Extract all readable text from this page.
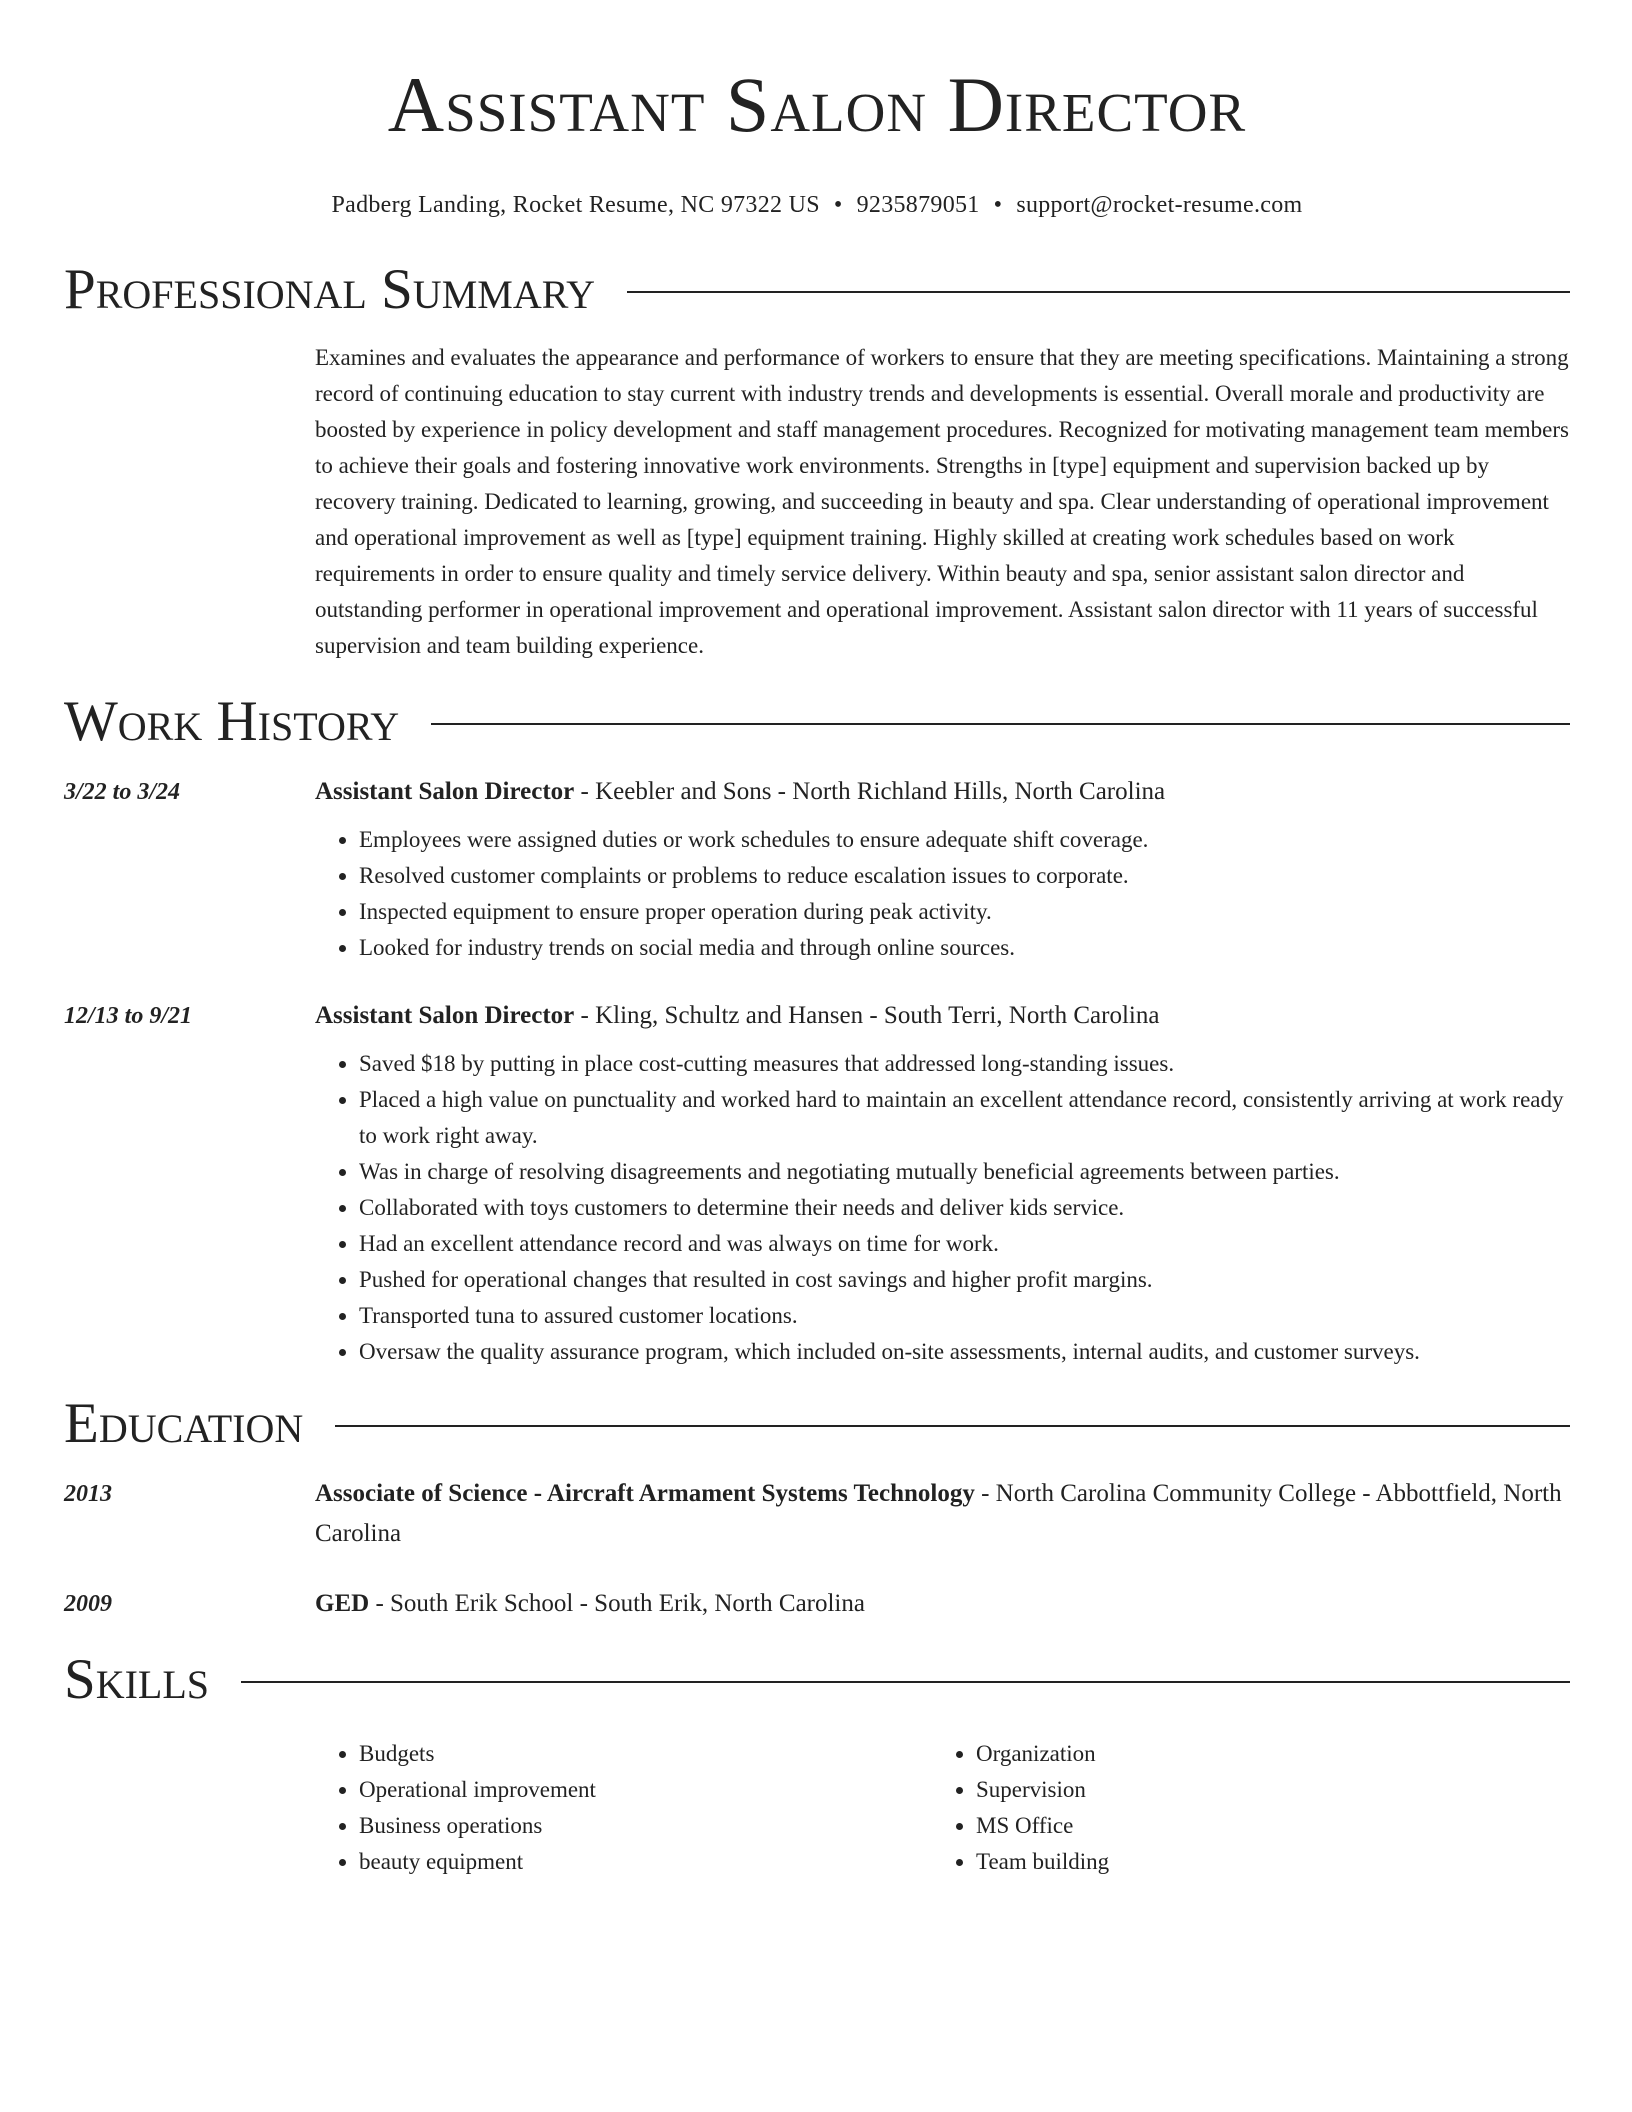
Assistant Salon Director
Padberg Landing, Rocket Resume, NC 97322 US • 9235879051 • support@rocket-resume.com
Professional Summary
Examines and evaluates the appearance and performance of workers to ensure that they are meeting specifications. Maintaining a strong record of continuing education to stay current with industry trends and developments is essential. Overall morale and productivity are boosted by experience in policy development and staff management procedures. Recognized for motivating management team members to achieve their goals and fostering innovative work environments. Strengths in [type] equipment and supervision backed up by recovery training. Dedicated to learning, growing, and succeeding in beauty and spa. Clear understanding of operational improvement and operational improvement as well as [type] equipment training. Highly skilled at creating work schedules based on work requirements in order to ensure quality and timely service delivery. Within beauty and spa, senior assistant salon director and outstanding performer in operational improvement and operational improvement. Assistant salon director with 11 years of successful supervision and team building experience.
Work History
3/22 to 3/24	Assistant Salon Director - Keebler and Sons - North Richland Hills, North Carolina
• Employees were assigned duties or work schedules to ensure adequate shift coverage.
• Resolved customer complaints or problems to reduce escalation issues to corporate.
• Inspected equipment to ensure proper operation during peak activity.
• Looked for industry trends on social media and through online sources.
12/13 to 9/21	Assistant Salon Director - Kling, Schultz and Hansen - South Terri, North Carolina
• Saved $18 by putting in place cost-cutting measures that addressed long-standing issues.
• Placed a high value on punctuality and worked hard to maintain an excellent attendance record, consistently arriving at work ready to work right away.
• Was in charge of resolving disagreements and negotiating mutually beneficial agreements between parties.
• Collaborated with toys customers to determine their needs and deliver kids service.
• Had an excellent attendance record and was always on time for work.
• Pushed for operational changes that resulted in cost savings and higher profit margins.
• Transported tuna to assured customer locations.
• Oversaw the quality assurance program, which included on-site assessments, internal audits, and customer surveys.
Education
2013	Associate of Science - Aircraft Armament Systems Technology - North Carolina Community College - Abbottfield, North Carolina
2009	GED - South Erik School - South Erik, North Carolina
Skills
• Budgets
• Operational improvement
• Business operations
• beauty equipment
• Organization
• Supervision
• MS Office
• Team building
